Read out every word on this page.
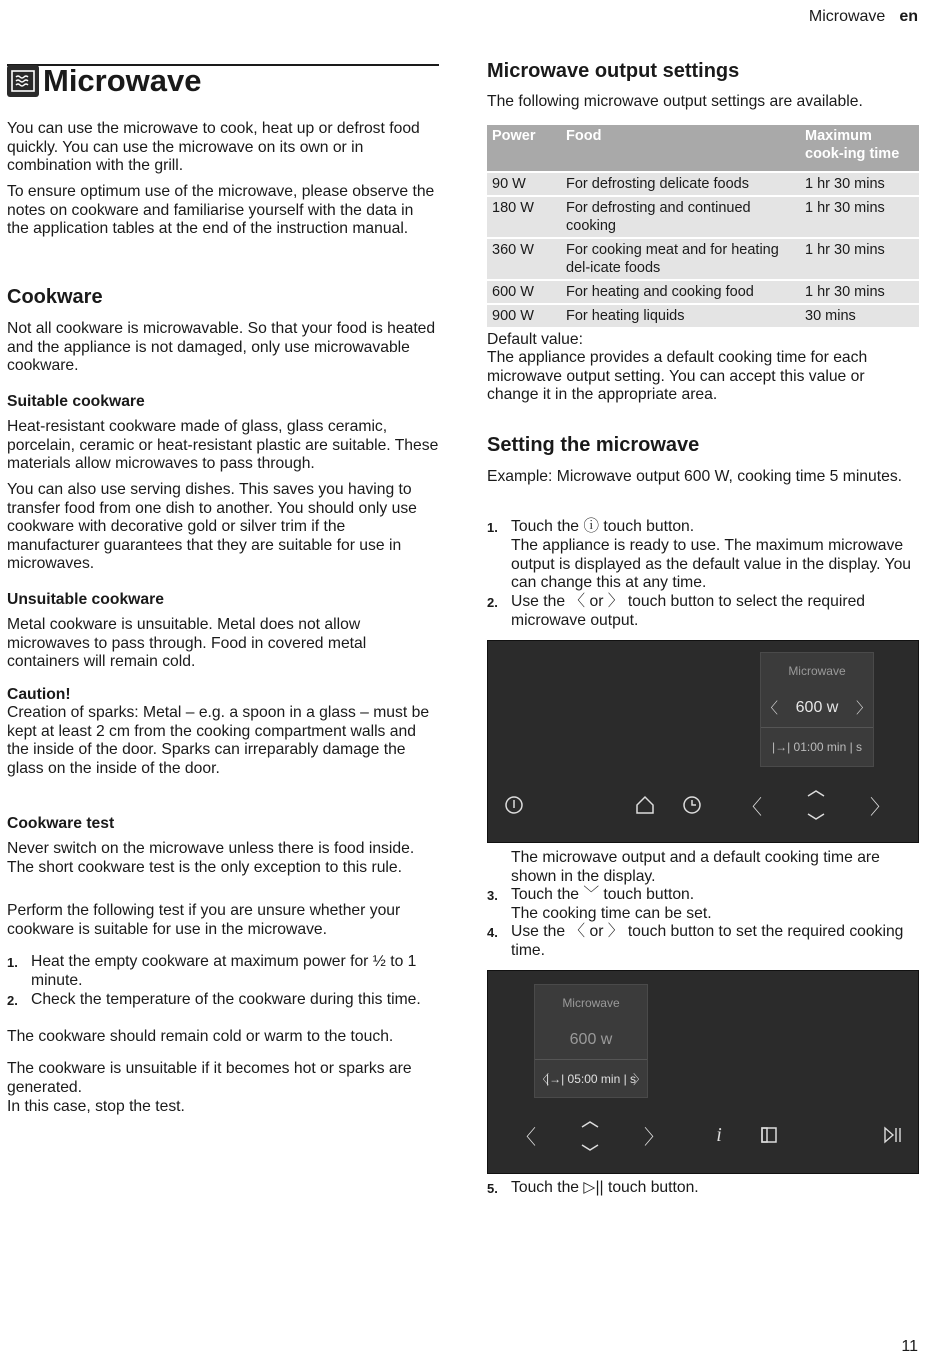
Microwave en
Microwave

You can use the microwave to cook, heat up or defrost food quickly. You can use the microwave on its own or in combination with the grill.

To ensure optimum use of the microwave, please observe the notes on cookware and familiarise yourself with the data in the application tables at the end of the instruction manual.

Cookware

Not all cookware is microwavable. So that your food is heated and the appliance is not damaged, only use microwavable cookware.

Suitable cookware

Heat-resistant cookware made of glass, glass ceramic, porcelain, ceramic or heat-resistant plastic are suitable. These materials allow microwaves to pass through.

You can also use serving dishes. This saves you having to transfer food from one dish to another. You should only use cookware with decorative gold or silver trim if the manufacturer guarantees that they are suitable for use in microwaves.

Unsuitable cookware

Metal cookware is unsuitable. Metal does not allow microwaves to pass through. Food in covered metal containers will remain cold.

Caution!

Creation of sparks: Metal – e.g. a spoon in a glass – must be kept at least 2 cm from the cooking compartment walls and the inside of the door. Sparks can irreparably damage the glass on the inside of the door.

Cookware test

Never switch on the microwave unless there is food inside. The short cookware test is the only exception to this rule.

Perform the following test if you are unsure whether your cookware is suitable for use in the microwave.

1. Heat the empty cookware at maximum power for ½ to 1 minute.
2. Check the temperature of the cookware during this time.

The cookware should remain cold or warm to the touch.

The cookware is unsuitable if it becomes hot or sparks are generated.

In this case, stop the test.

Microwave output settings

The following microwave output settings are available.

Power	Food	Maximum cook-ing time
90 W	For defrosting delicate foods	1 hr 30 mins
180 W	For defrosting and continued cooking	1 hr 30 mins
360 W	For cooking meat and for heating del-icate foods	1 hr 30 mins
600 W	For heating and cooking food	1 hr 30 mins
900 W	For heating liquids	30 mins

Default value:

The appliance provides a default cooking time for each microwave output setting. You can accept this value or change it in the appropriate area.

Setting the microwave

Example: Microwave output 600 W, cooking time 5 minutes.

1. Touch the ⓘ touch button.

The appliance is ready to use. The maximum microwave output is displayed as the default value in the display. You can change this at any time.

2. Use the 〈 or 〉 touch button to select the required microwave output.
Microwave
〈	600 w	〉
|→| 01:00 min | s
〈	〉

The microwave output and a default cooking time are shown in the display.

3. Touch the ﹀ touch button.

The cooking time can be set.

4. Use the 〈 or 〉 touch button to set the required cooking time.
Microwave
600 w
〈
|→| 05:00 min | s
〉
〈	〉	i
5. Touch the ▷|| touch button.
11
